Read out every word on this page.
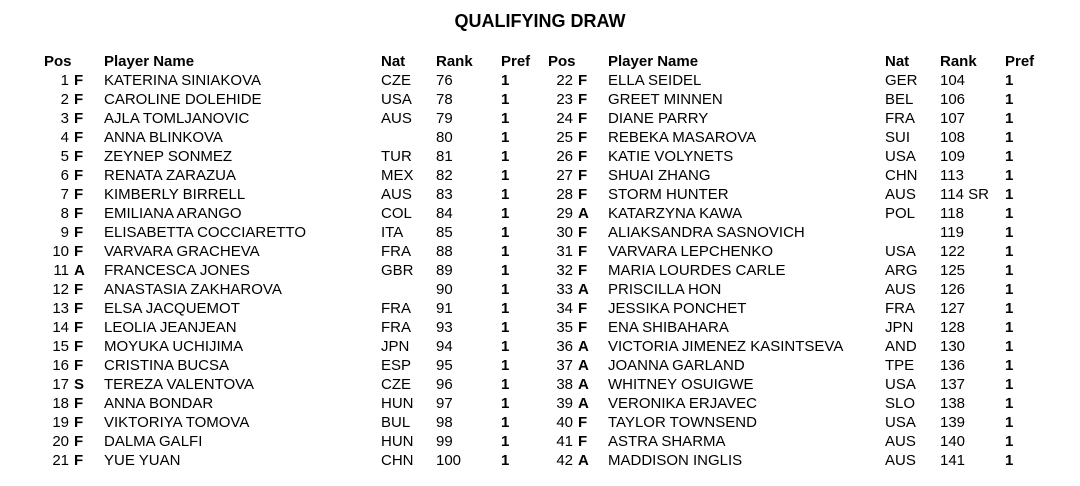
QUALIFYING DRAW
Pos		Player Name	Nat	Rank	Pref
1	F	KATERINA SINIAKOVA	CZE	76	1
2	F	CAROLINE DOLEHIDE	USA	78	1
3	F	AJLA TOMLJANOVIC	AUS	79	1
4	F	ANNA BLINKOVA		80	1
5	F	ZEYNEP SONMEZ	TUR	81	1
6	F	RENATA ZARAZUA	MEX	82	1
7	F	KIMBERLY BIRRELL	AUS	83	1
8	F	EMILIANA ARANGO	COL	84	1
9	F	ELISABETTA COCCIARETTO	ITA	85	1
10	F	VARVARA GRACHEVA	FRA	88	1
11	A	FRANCESCA JONES	GBR	89	1
12	F	ANASTASIA ZAKHAROVA		90	1
13	F	ELSA JACQUEMOT	FRA	91	1
14	F	LEOLIA JEANJEAN	FRA	93	1
15	F	MOYUKA UCHIJIMA	JPN	94	1
16	F	CRISTINA BUCSA	ESP	95	1
17	S	TEREZA VALENTOVA	CZE	96	1
18	F	ANNA BONDAR	HUN	97	1
19	F	VIKTORIYA TOMOVA	BUL	98	1
20	F	DALMA GALFI	HUN	99	1
21	F	YUE YUAN	CHN	100	1
Pos		Player Name	Nat	Rank	Pref
22	F	ELLA SEIDEL	GER	104	1
23	F	GREET MINNEN	BEL	106	1
24	F	DIANE PARRY	FRA	107	1
25	F	REBEKA MASAROVA	SUI	108	1
26	F	KATIE VOLYNETS	USA	109	1
27	F	SHUAI ZHANG	CHN	113	1
28	F	STORM HUNTER	AUS	114 SR	1
29	A	KATARZYNA KAWA	POL	118	1
30	F	ALIAKSANDRA SASNOVICH		119	1
31	F	VARVARA LEPCHENKO	USA	122	1
32	F	MARIA LOURDES CARLE	ARG	125	1
33	A	PRISCILLA HON	AUS	126	1
34	F	JESSIKA PONCHET	FRA	127	1
35	F	ENA SHIBAHARA	JPN	128	1
36	A	VICTORIA JIMENEZ KASINTSEVA	AND	130	1
37	A	JOANNA GARLAND	TPE	136	1
38	A	WHITNEY OSUIGWE	USA	137	1
39	A	VERONIKA ERJAVEC	SLO	138	1
40	F	TAYLOR TOWNSEND	USA	139	1
41	F	ASTRA SHARMA	AUS	140	1
42	A	MADDISON INGLIS	AUS	141	1
